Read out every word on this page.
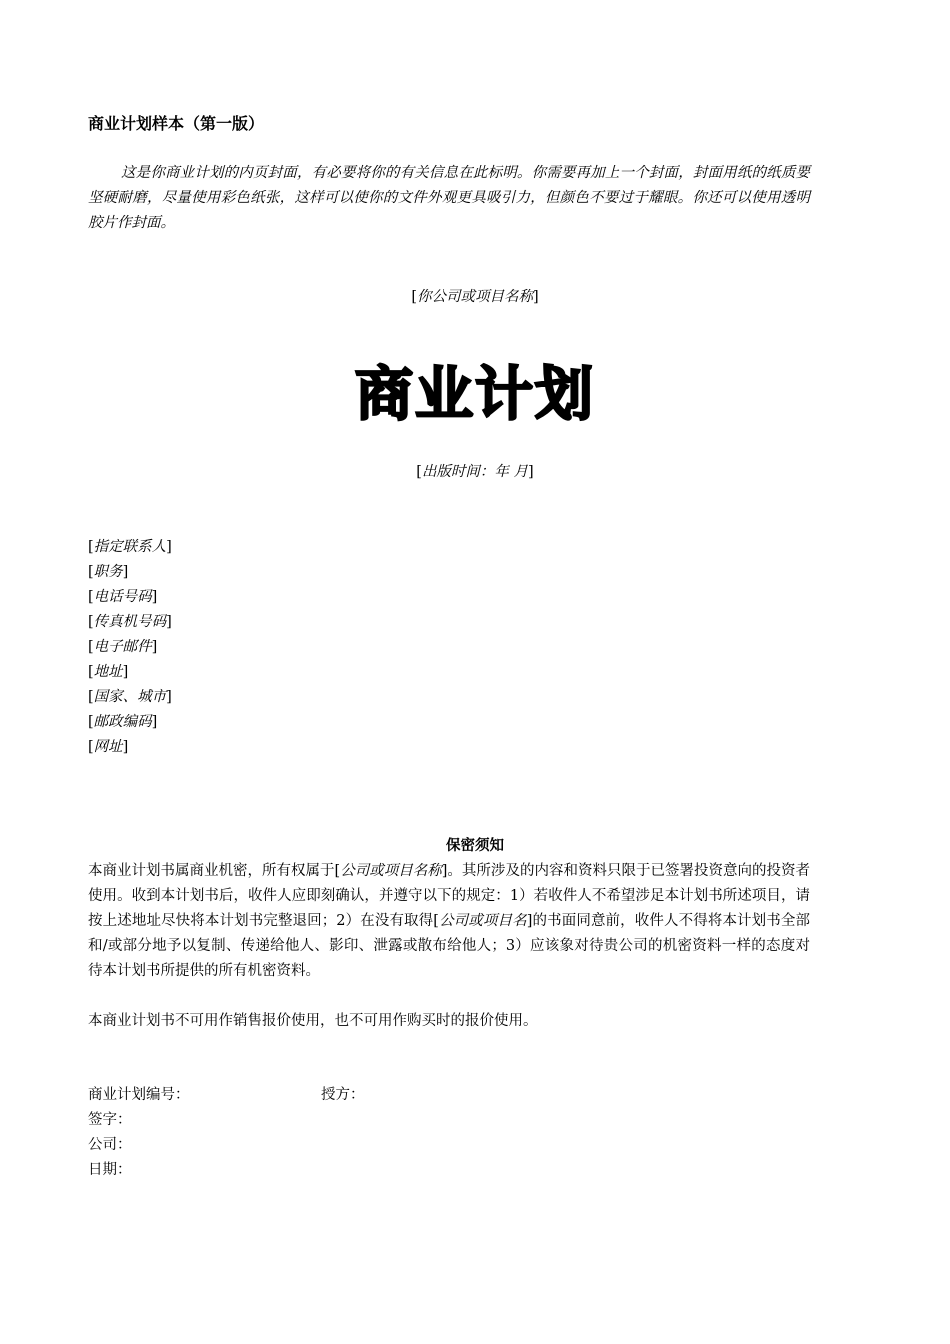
商业计划样本（第一版）
这是你商业计划的内页封面，有必要将你的有关信息在此标明。你需要再加上一个封面，封面用纸的纸质要坚硬耐磨，尽量使用彩色纸张，这样可以使你的文件外观更具吸引力，但颜色不要过于耀眼。你还可以使用透明胶片作封面。
[你公司或项目名称]
商业计划
[出版时间：年 月]
[指定联系人]
[职务]
[电话号码]
[传真机号码]
[电子邮件]
[地址]
[国家、城市]
[邮政编码]
[网址]
保密须知
本商业计划书属商业机密，所有权属于[公司或项目名称]。其所涉及的内容和资料只限于已签署投资意向的投资者使用。收到本计划书后，收件人应即刻确认，并遵守以下的规定：1）若收件人不希望涉足本计划书所述项目，请按上述地址尽快将本计划书完整退回；2）在没有取得[公司或项目名]的书面同意前，收件人不得将本计划书全部和/或部分地予以复制、传递给他人、影印、泄露或散布给他人；3）应该象对待贵公司的机密资料一样的态度对待本计划书所提供的所有机密资料。
本商业计划书不可用作销售报价使用，也不可用作购买时的报价使用。
商业计划编号：	授方：
签字：
公司：
日期：
